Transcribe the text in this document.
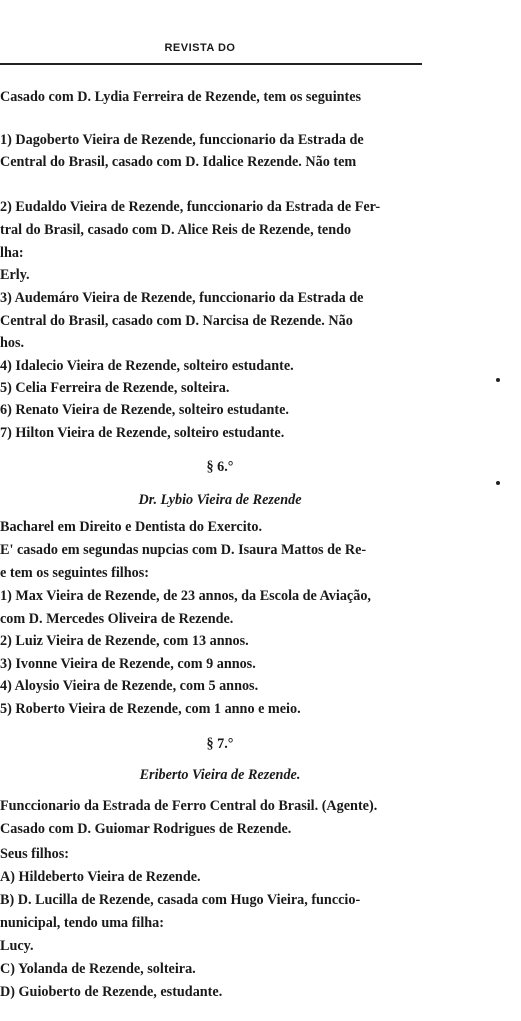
REVISTA DO
Casado com D. Lydia Ferreira de Rezende, tem os seguintes
1) Dagoberto Vieira de Rezende, funccionario da Estrada de
Central do Brasil, casado com D. Idalice Rezende. Não tem
2) Eudaldo Vieira de Rezende, funccionario da Estrada de Fer-
tral do Brasil, casado com D. Alice Reis de Rezende, tendo
lha:
Erly.
3) Audemáro Vieira de Rezende, funccionario da Estrada de
Central do Brasil, casado com D. Narcisa de Rezende. Não
hos.
4) Idalecio Vieira de Rezende, solteiro estudante.
5) Celia Ferreira de Rezende, solteira.
6) Renato Vieira de Rezende, solteiro estudante.
7) Hilton Vieira de Rezende, solteiro estudante.
§ 6.°
Dr. Lybio Vieira de Rezende
Bacharel em Direito e Dentista do Exercito.
E' casado em segundas nupcias com D. Isaura Mattos de Re-
e tem os seguintes filhos:
1) Max Vieira de Rezende, de 23 annos, da Escola de Aviação,
com D. Mercedes Oliveira de Rezende.
2) Luiz Vieira de Rezende, com 13 annos.
3) Ivonne Vieira de Rezende, com 9 annos.
4) Aloysio Vieira de Rezende, com 5 annos.
5) Roberto Vieira de Rezende, com 1 anno e meio.
§ 7.°
Eriberto Vieira de Rezende.
Funccionario da Estrada de Ferro Central do Brasil. (Agente).
Casado com D. Guiomar Rodrigues de Rezende.
Seus filhos:
A) Hildeberto Vieira de Rezende.
B) D. Lucilla de Rezende, casada com Hugo Vieira, funccio-
nunicipal, tendo uma filha:
Lucy.
C) Yolanda de Rezende, solteira.
D) Guioberto de Rezende, estudante.
